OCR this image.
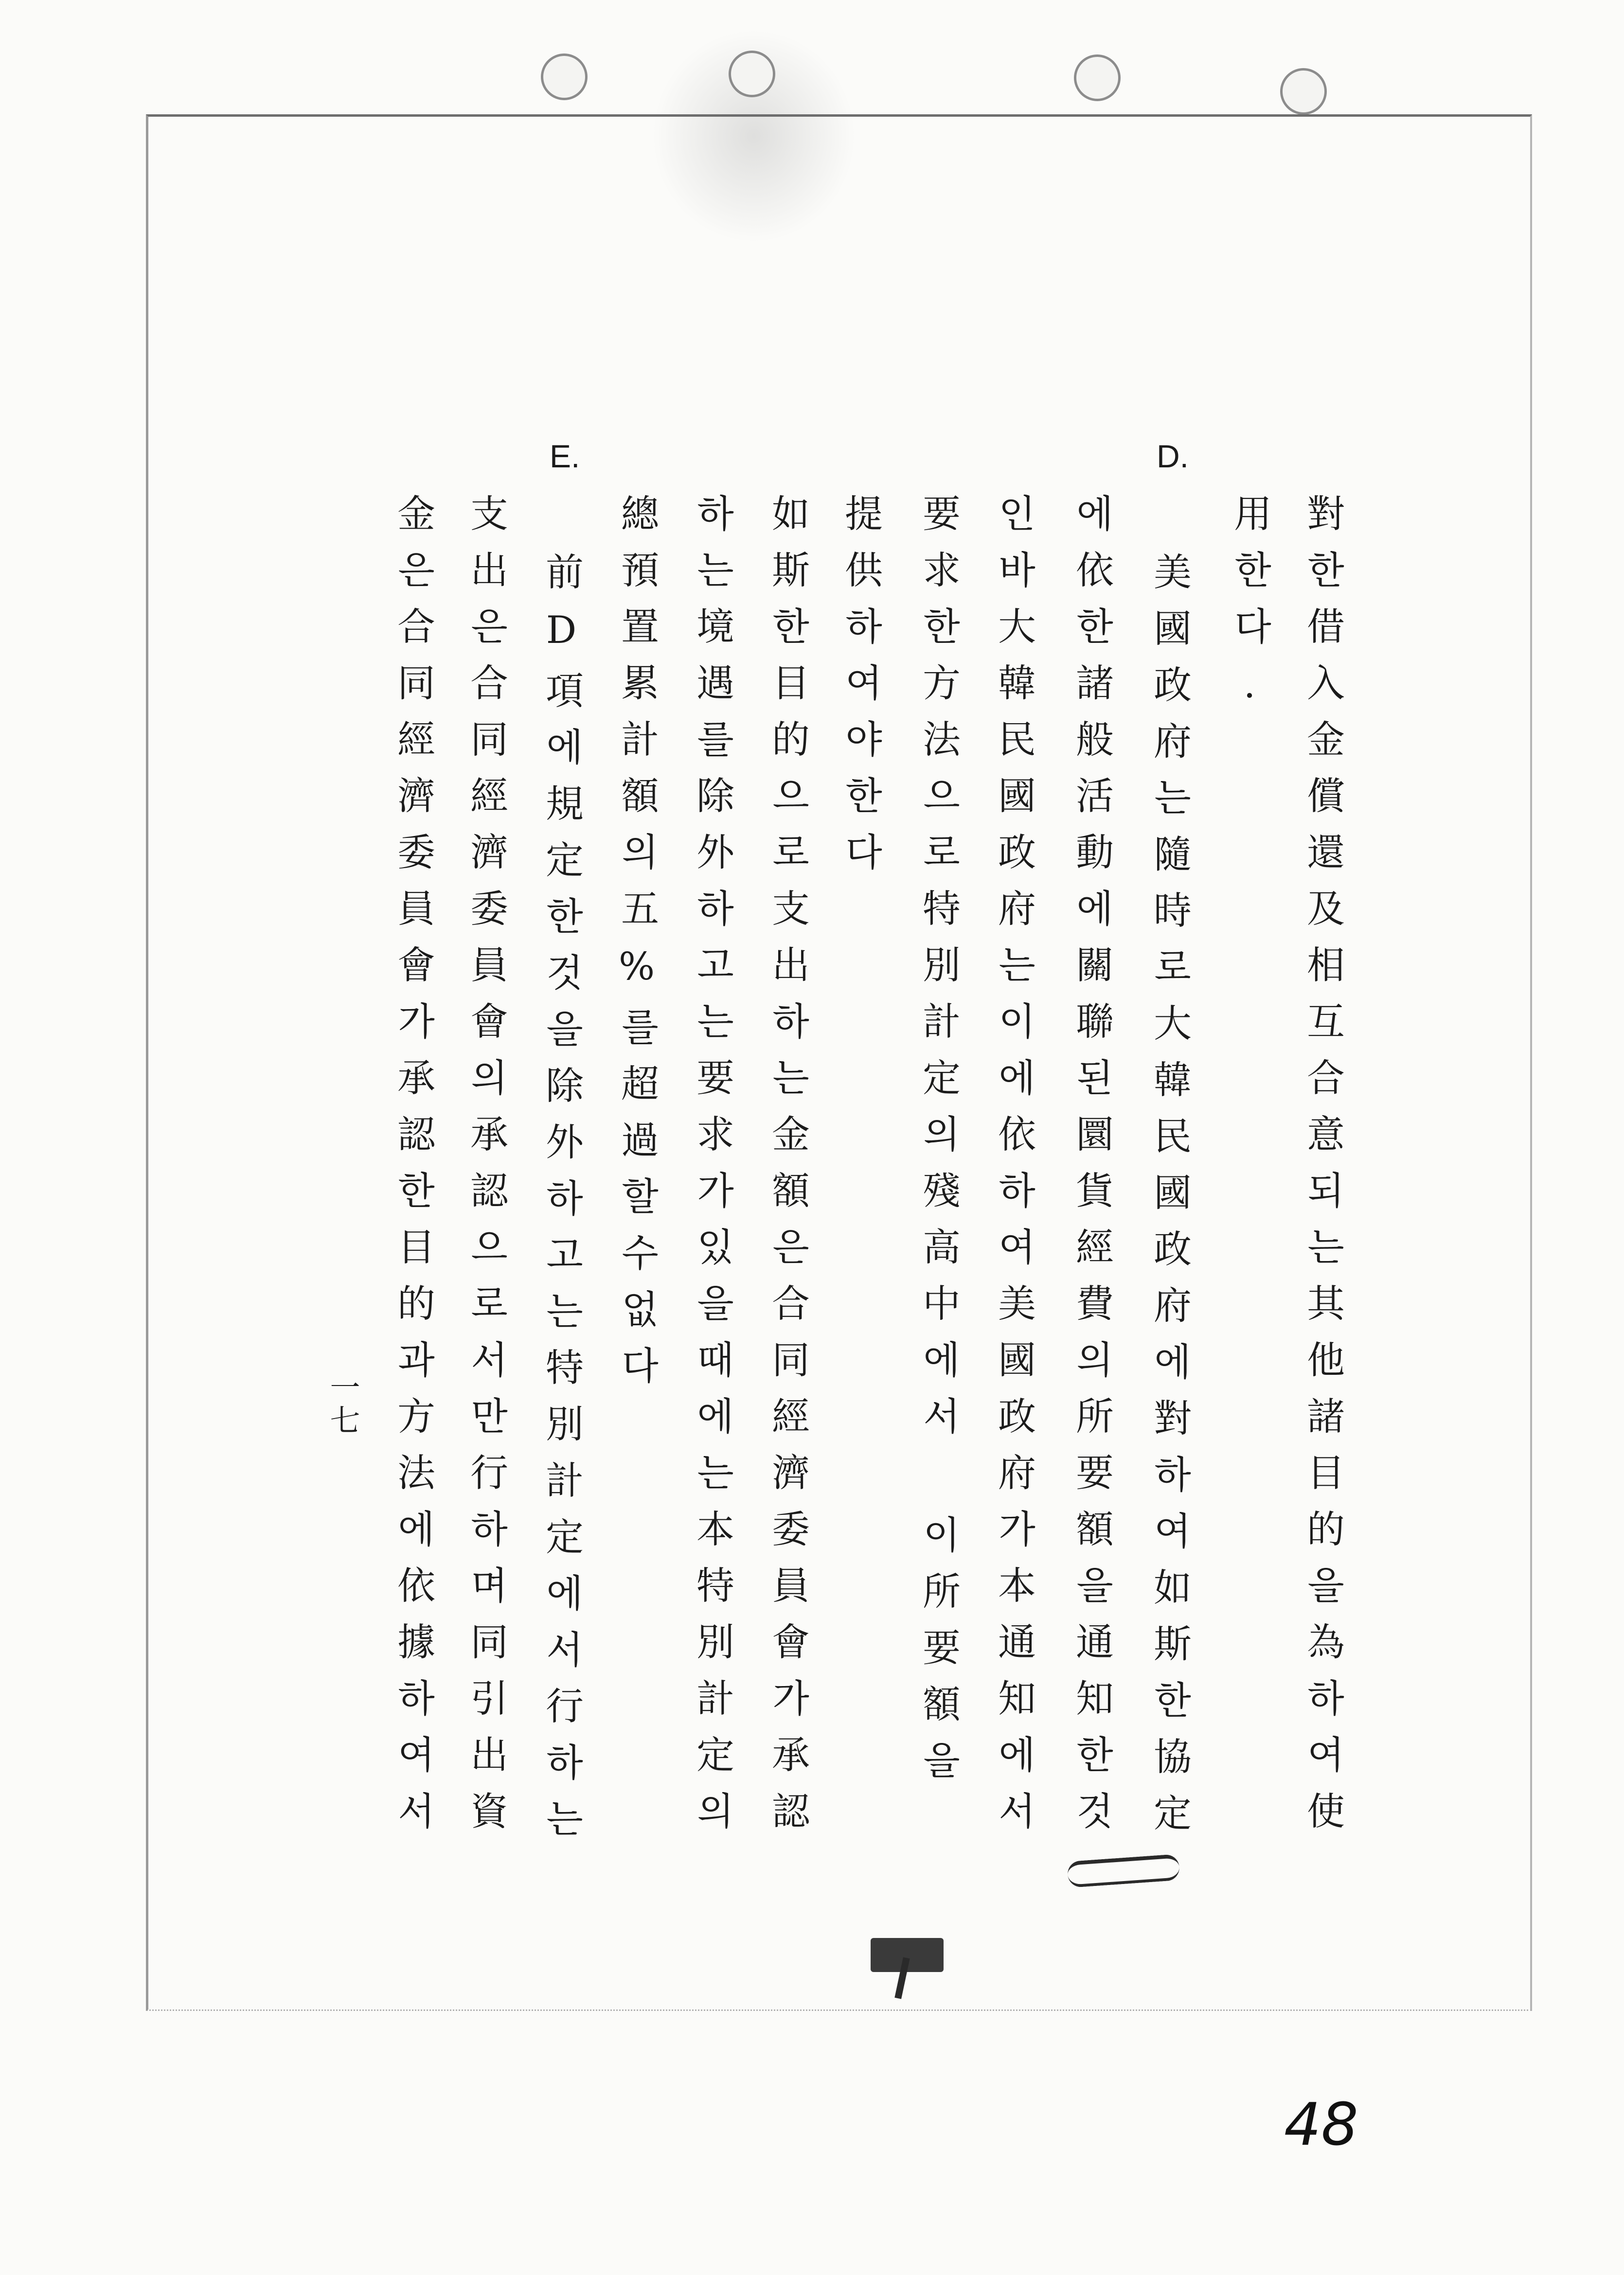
對한借入金償還及相互合意되는其他諸目的을為하여使
用한다.
D.
美國政府는隨時로大韓民國政府에對하여如斯한協定
에依한諸般活動에關聯된圜貨經費의所要額을通知한것
인바大韓民國政府는이에依하여美國政府가本通知에서
要求한方法으로特別計定의殘高中에서 이所要額을
提供하여야한다
如斯한目的으로支出하는金額은合同經濟委員會가承認
하는境遇를除外하고는要求가있을때에는本特別計定의
總預置累計額의五%를超過할수없다
E.
前D項에規定한것을除外하고는特別計定에서行하는
支出은合同經濟委員會의承認으로서만行하며同引出資
金은合同經濟委員會가承認한目的과方法에依據하여서
一七
48
